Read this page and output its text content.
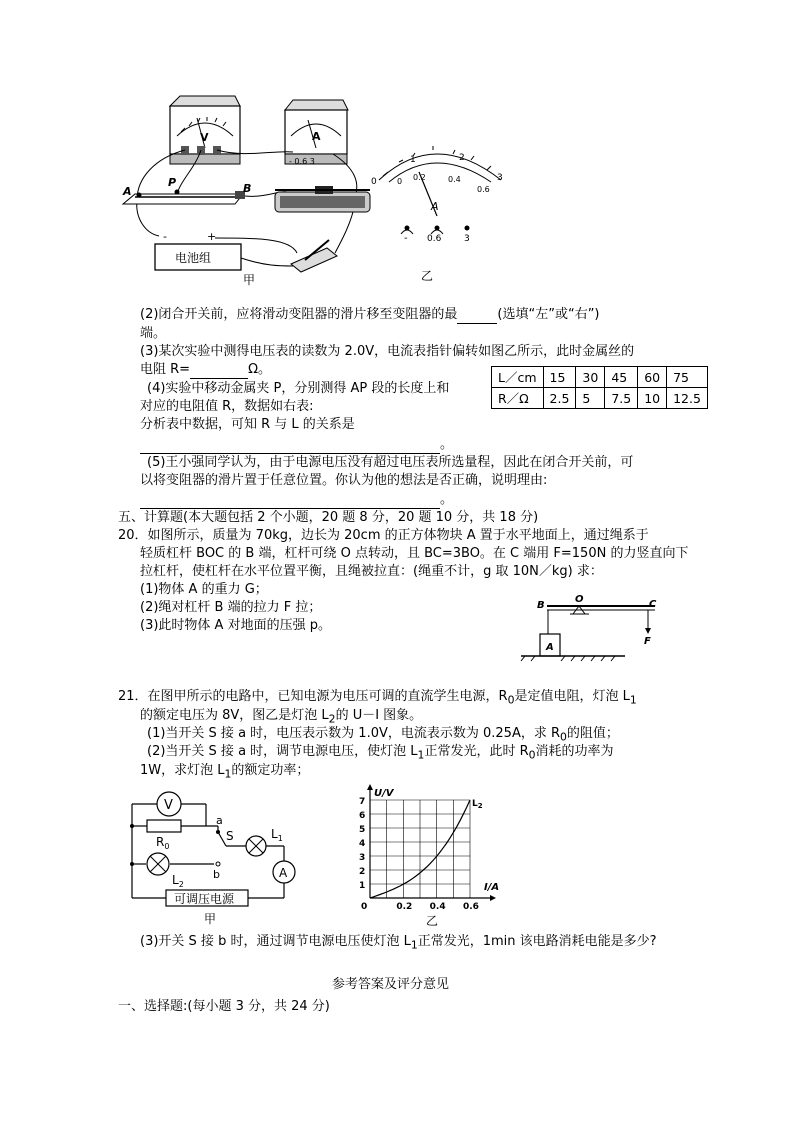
V	A
- 0.6 3
A
P	B
-	+
电池组
甲
0
1	2
3
0 0.2	0.4
0.6
A
- 0.6	3
乙
(2)闭合开关前，应将滑动变阻器的滑片移至变阻器的最	(选填“左”或“右”)
端。
(3)某次实验中测得电压表的读数为 2.0V，电流表指针偏转如图乙所示，此时金属丝的
电阻 R=	Ω。
(4)实验中移动金属夹 P，分别测得 AP 段的长度上和
对应的电阻值 R，数据如右表:
分析表中数据，可知 R 与 L 的关系是
。
L／cm	15	30	45	60	75
R／Ω	2.5	5	7.5	10	12.5
(5)王小强同学认为，由于电源电压没有超过电压表所选量程，因此在闭合开关前，可
以将变阻器的滑片置于任意位置。你认为他的想法是否正确，说明理由:
。
五、计算题(本大题包括 2 个小题，20 题 8 分，20 题 10 分，共 18 分)
20．如图所示，质量为 70kg，边长为 20cm 的正方体物块 A 置于水平地面上，通过绳系于
轻质杠杆 BOC 的 B 端，杠杆可绕 O 点转动，且 BC=3BO。在 C 端用 F=150N 的力竖直向下
拉杠杆，使杠杆在水平位置平衡，且绳被拉直：(绳重不计，g 取 10N／kg) 求：
(1)物体 A 的重力 G；
(2)绳对杠杆 B 端的拉力 F 拉；
(3)此时物体 A 对地面的压强 p。
B
O	C
F
A
21．在图甲所示的电路中，已知电源为电压可调的直流学生电源，$R_0$是定值电阻，灯泡 $L_1$
的额定电压为 8V，图乙是灯泡 $L_2$的 U－I 图象。
(1)当开关 S 接 a 时，电压表示数为 1.0V，电流表示数为 0.25A，求 $R_0$的阻值；
(2)当开关 S 接 a 时，调节电源电压，使灯泡 $L_1$正常发光，此时 $R_0$消耗的功率为
1W，求灯泡 $L_1$的额定功率；
V
$R_0$
a
S
b
$L_1$
$L_2$
A
可调压电源
甲
U/V
I/A
0
1
2
3
4
5
6
7
0.2 0.4 0.6
$L_2$
乙
(3)开关 S 接 b 时，通过调节电源电压使灯泡 $L_1$正常发光，1min 该电路消耗电能是多少?
参考答案及评分意见
一、选择题:(每小题 3 分，共 24 分)
